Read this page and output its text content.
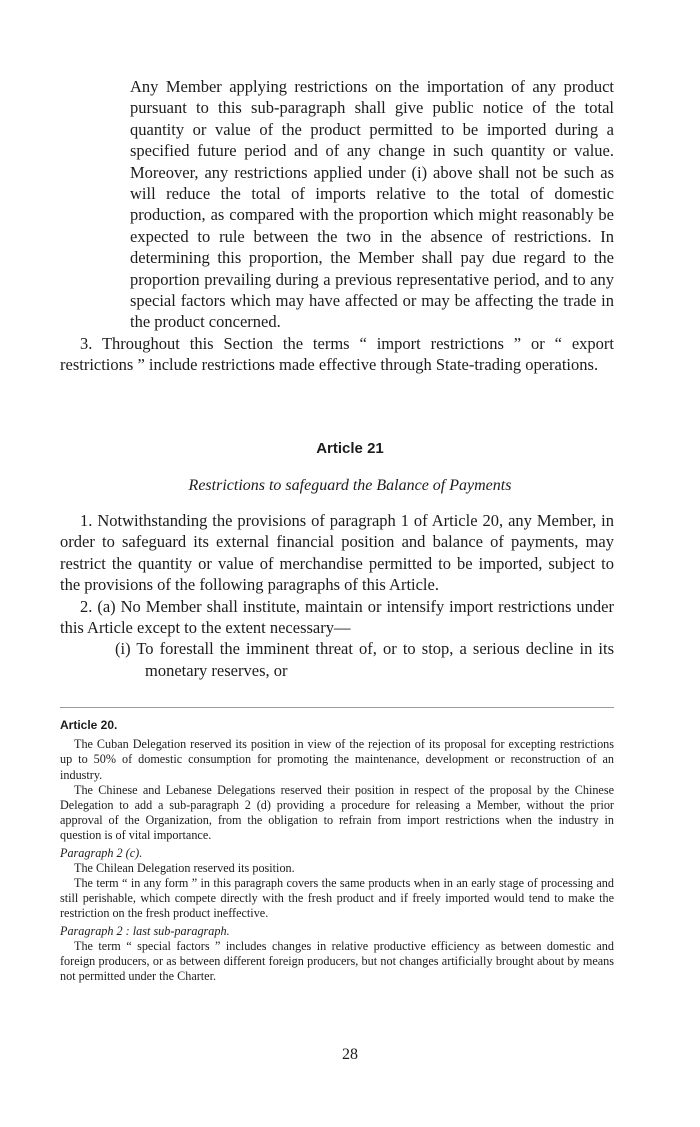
Any Member applying restrictions on the importation of any product pursuant to this sub-paragraph shall give public notice of the total quantity or value of the product permitted to be imported during a specified future period and of any change in such quantity or value. Moreover, any restrictions applied under (i) above shall not be such as will reduce the total of imports relative to the total of domestic production, as compared with the proportion which might reasonably be expected to rule between the two in the absence of restrictions. In determining this proportion, the Member shall pay due regard to the proportion prevailing during a previous representative period, and to any special factors which may have affected or may be affecting the trade in the product concerned.

3. Throughout this Section the terms “ import restrictions ” or “ export restrictions ” include restrictions made effective through State-trading operations.

Article 21
Restrictions to safeguard the Balance of Payments

1. Notwithstanding the provisions of paragraph 1 of Article 20, any Member, in order to safeguard its external financial position and balance of payments, may restrict the quantity or value of merchandise permitted to be imported, subject to the provisions of the following paragraphs of this Article.

2. (a) No Member shall institute, maintain or intensify import restrictions under this Article except to the extent necessary—

(i) To forestall the imminent threat of, or to stop, a serious decline in its monetary reserves, or

Article 20.

The Cuban Delegation reserved its position in view of the rejection of its proposal for excepting restrictions up to 50% of domestic consumption for promoting the maintenance, development or reconstruction of an industry.

The Chinese and Lebanese Delegations reserved their position in respect of the proposal by the Chinese Delegation to add a sub-paragraph 2 (d) providing a procedure for releasing a Member, without the prior approval of the Organization, from the obligation to refrain from import restrictions when the industry in question is of vital importance.

Paragraph 2 (c).

The Chilean Delegation reserved its position.

The term “ in any form ” in this paragraph covers the same products when in an early stage of processing and still perishable, which compete directly with the fresh product and if freely imported would tend to make the restriction on the fresh product ineffective.

Paragraph 2 : last sub-paragraph.

The term “ special factors ” includes changes in relative productive efficiency as between domestic and foreign producers, or as between different foreign producers, but not changes artificially brought about by means not permitted under the Charter.

28
